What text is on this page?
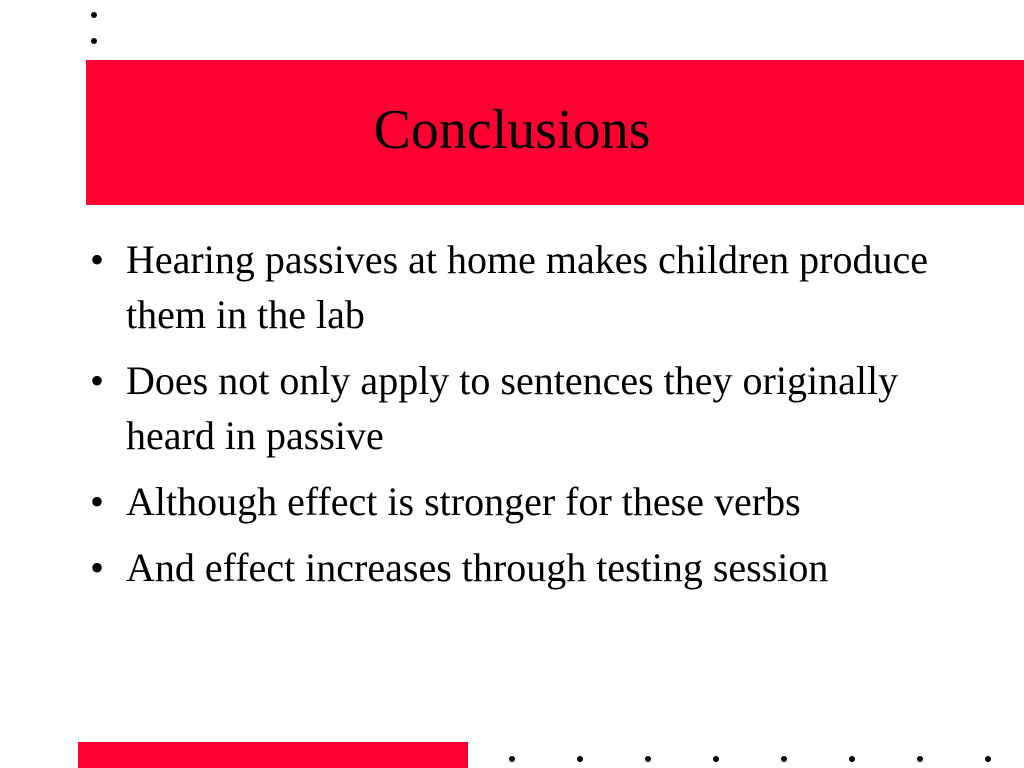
Conclusions
• Hearing passives at home makes children produce them in the lab
• Does not only apply to sentences they originally heard in passive
• Although effect is stronger for these verbs
• And effect increases through testing session
